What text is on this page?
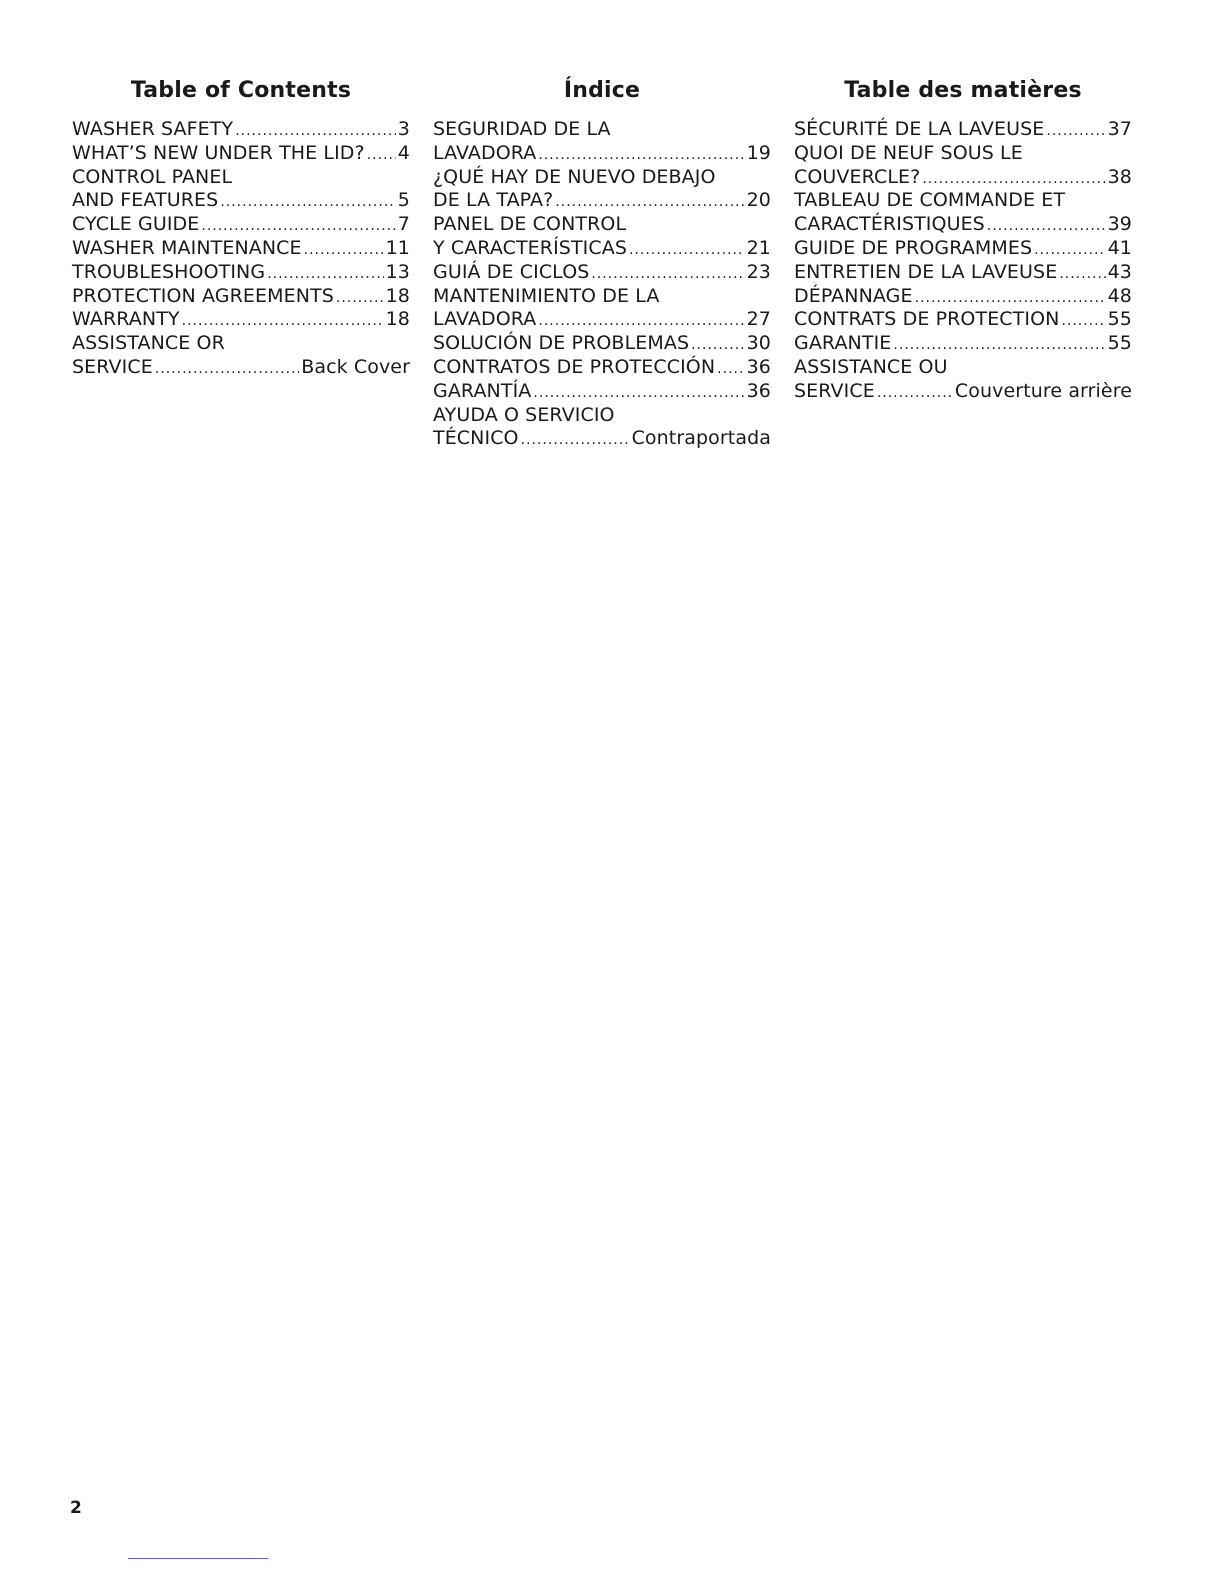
Table of Contents
WASHER SAFETY .....	3
WHAT’S NEW UNDER THE LID? ..... 4
CONTROL PANEL
AND FEATURES .....	5
CYCLE GUIDE .....	7
WASHER MAINTENANCE .....	11
TROUBLESHOOTING .....	13
PROTECTION AGREEMENTS .....	18
WARRANTY .....	18
ASSISTANCE OR
SERVICE .....	Back Cover
Índice
SEGURIDAD DE LA
LAVADORA .....	19
¿QUÉ HAY DE NUEVO DEBAJO
DE LA TAPA? .....	20
PANEL DE CONTROL
Y CARACTERÍSTICAS .....	21
GUIÁ DE CICLOS .....	23
MANTENIMIENTO DE LA
LAVADORA .....	27
SOLUCIÓN DE PROBLEMAS .....	30
CONTRATOS DE PROTECCIÓN ..... 36
GARANTÍA .....	36
AYUDA O SERVICIO
TÉCNICO .....	Contraportada
Table des matières
SÉCURITÉ DE LA LAVEUSE .....	37
QUOI DE NEUF SOUS LE
COUVERCLE? .....	38
TABLEAU DE COMMANDE ET
CARACTÉRISTIQUES .....	39
GUIDE DE PROGRAMMES .....	41
ENTRETIEN DE LA LAVEUSE .....	43
DÉPANNAGE .....	48
CONTRATS DE PROTECTION .....	55
GARANTIE .....	55
ASSISTANCE OU
SERVICE .....	Couverture arrière
2
